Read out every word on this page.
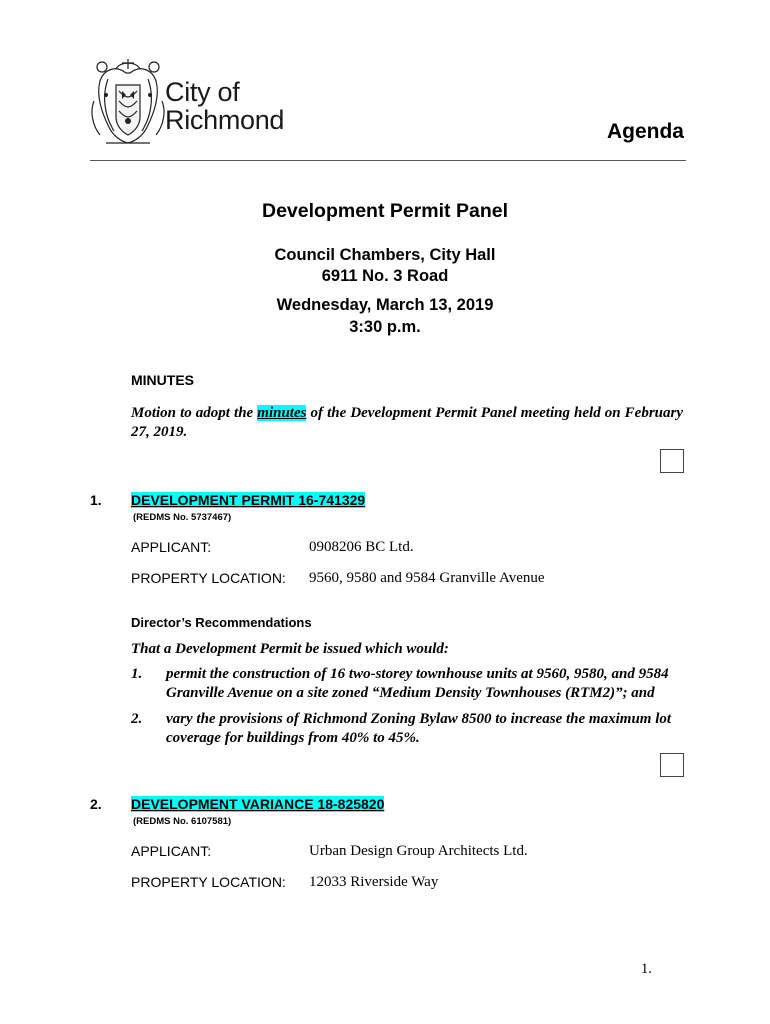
City of
Richmond	Agenda
Development Permit Panel
Council Chambers, City Hall
6911 No. 3 Road
Wednesday, March 13, 2019
3:30 p.m.
MINUTES
Motion to adopt the minutes of the Development Permit Panel meeting held on February 27, 2019.
1. DEVELOPMENT PERMIT 16-741329
(REDMS No. 5737467)
APPLICANT:	0908206 BC Ltd.
PROPERTY LOCATION: 9560, 9580 and 9584 Granville Avenue
Director’s Recommendations
That a Development Permit be issued which would:
1. permit the construction of 16 two-storey townhouse units at 9560, 9580, and 9584
Granville Avenue on a site zoned “Medium Density Townhouses (RTM2)”; and
2. vary the provisions of Richmond Zoning Bylaw 8500 to increase the maximum lot
coverage for buildings from 40% to 45%.
2. DEVELOPMENT VARIANCE 18-825820
(REDMS No. 6107581)
APPLICANT:	Urban Design Group Architects Ltd.
PROPERTY LOCATION: 12033 Riverside Way
1.
